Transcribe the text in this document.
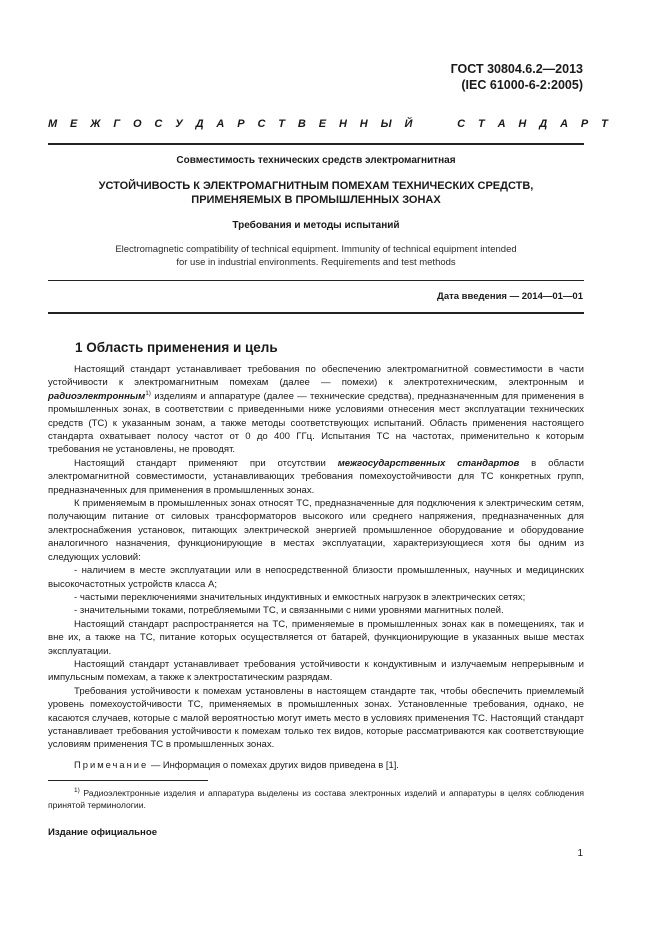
ГОСТ 30804.6.2—2013
(IEC 61000-6-2:2005)
М Е Ж Г О С У Д А Р С Т В Е Н Н Ы Й

	С Т А Н Д А Р Т
Совместимость технических средств электромагнитная
УСТОЙЧИВОСТЬ К ЭЛЕКТРОМАГНИТНЫМ ПОМЕХАМ ТЕХНИЧЕСКИХ СРЕДСТВ,
ПРИМЕНЯЕМЫХ В ПРОМЫШЛЕННЫХ ЗОНАХ
Требования и методы испытаний
Electromagnetic compatibility of technical equipment. Immunity of technical equipment intended
for use in industrial environments. Requirements and test methods
Дата введения — 2014—01—01
1 Область применения и цель

Настоящий стандарт устанавливает требования по обеспечению электромагнитной совместимости в части устойчивости к электромагнитным помехам (далее — помехи) к электротехническим, электронным и радиоэлектронным$^{1)}$ изделиям и аппаратуре (далее — технические средства), предназначенным для применения в промышленных зонах, в соответствии с приведенными ниже условиями отнесения мест эксплуатации технических средств (ТС) к указанным зонам, а также методы соответствующих испытаний. Область применения настоящего стандарта охватывает полосу частот от 0 до 400 ГГц. Испытания ТС на частотах, применительно к которым требования не установлены, не проводят.

Настоящий стандарт применяют при отсутствии межгосударственных стандартов в области электромагнитной совместимости, устанавливающих требования помехоустойчивости для ТС конкретных групп, предназначенных для применения в промышленных зонах.

К применяемым в промышленных зонах относят ТС, предназначенные для подключения к электрическим сетям, получающим питание от силовых трансформаторов высокого или среднего напряжения, предназначенных для электроснабжения установок, питающих электрической энергией промышленное оборудование и оборудование аналогичного назначения, функционирующие в местах эксплуатации, характеризующиеся хотя бы одним из следующих условий:

- наличием в месте эксплуатации или в непосредственной близости промышленных, научных и медицинских высокочастотных устройств класса А;

- частыми переключениями значительных индуктивных и емкостных нагрузок в электрических сетях;

- значительными токами, потребляемыми ТС, и связанными с ними уровнями магнитных полей.

Настоящий стандарт распространяется на ТС, применяемые в промышленных зонах как в помещениях, так и вне их, а также на ТС, питание которых осуществляется от батарей, функционирующие в указанных выше местах эксплуатации.

Настоящий стандарт устанавливает требования устойчивости к кондуктивным и излучаемым непрерывным и импульсным помехам, а также к электростатическим разрядам.

Требования устойчивости к помехам установлены в настоящем стандарте так, чтобы обеспечить приемлемый уровень помехоустойчивости ТС, применяемых в промышленных зонах. Установленные требования, однако, не касаются случаев, которые с малой вероятностью могут иметь место в условиях применения ТС. Настоящий стандарт устанавливает требования устойчивости к помехам только тех видов, которые рассматриваются как соответствующие условиям применения ТС в промышленных зонах.

Примечание — Информация о помехах других видов приведена в [1].

$^{1)}$ Радиоэлектронные изделия и аппаратура выделены из состава электронных изделий и аппаратуры в целях соблюдения принятой терминологии.
Издание официальное
1
